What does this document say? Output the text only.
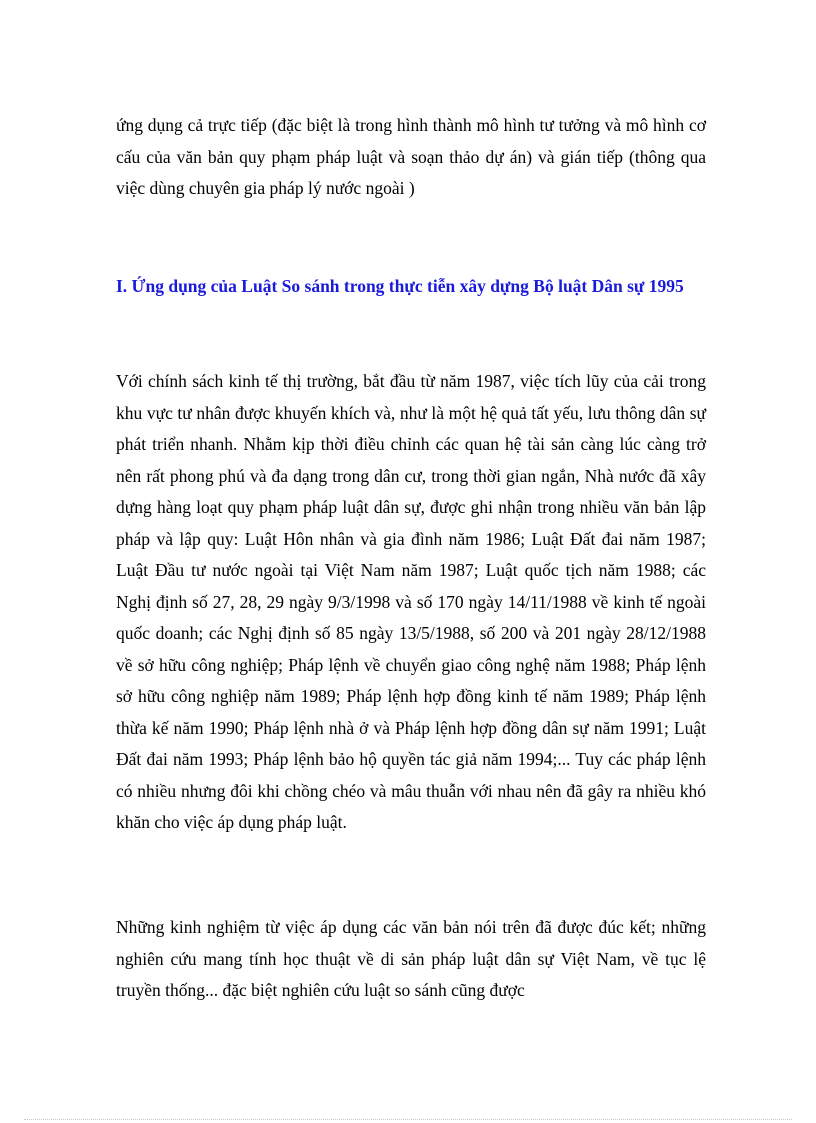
ứng dụng cả trực tiếp (đặc biệt là trong hình thành mô hình tư tưởng và mô hình cơ cấu của văn bản quy phạm pháp luật và soạn thảo dự án) và gián tiếp (thông qua việc dùng chuyên gia pháp lý nước ngoài )

I. Ứng dụng của Luật So sánh trong thực tiễn xây dựng Bộ luật Dân sự 1995

Với chính sách kinh tế thị trường, bắt đầu từ năm 1987, việc tích lũy của cải trong khu vực tư nhân được khuyến khích và, như là một hệ quả tất yếu, lưu thông dân sự phát triển nhanh. Nhằm kịp thời điều chỉnh các quan hệ tài sản càng lúc càng trở nên rất phong phú và đa dạng trong dân cư, trong thời gian ngắn, Nhà nước đã xây dựng hàng loạt quy phạm pháp luật dân sự, được ghi nhận trong nhiều văn bản lập pháp và lập quy: Luật Hôn nhân và gia đình năm 1986; Luật Đất đai năm 1987; Luật Đầu tư nước ngoài tại Việt Nam năm 1987; Luật quốc tịch năm 1988; các Nghị định số 27, 28, 29 ngày 9/3/1998 và số 170 ngày 14/11/1988 về kinh tế ngoài quốc doanh; các Nghị định số 85 ngày 13/5/1988, số 200 và 201 ngày 28/12/1988 về sở hữu công nghiệp; Pháp lệnh về chuyển giao công nghệ năm 1988; Pháp lệnh sở hữu công nghiệp năm 1989; Pháp lệnh hợp đồng kinh tế năm 1989; Pháp lệnh thừa kế năm 1990; Pháp lệnh nhà ở và Pháp lệnh hợp đồng dân sự năm 1991; Luật Đất đai năm 1993; Pháp lệnh bảo hộ quyền tác giả năm 1994;... Tuy các pháp lệnh có nhiều nhưng đôi khi chồng chéo và mâu thuẫn với nhau nên đã gây ra nhiều khó khăn cho việc áp dụng pháp luật.

Những kinh nghiệm từ việc áp dụng các văn bản nói trên đã được đúc kết; những nghiên cứu mang tính học thuật về di sản pháp luật dân sự Việt Nam, về tục lệ truyền thống... đặc biệt nghiên cứu luật so sánh cũng được
